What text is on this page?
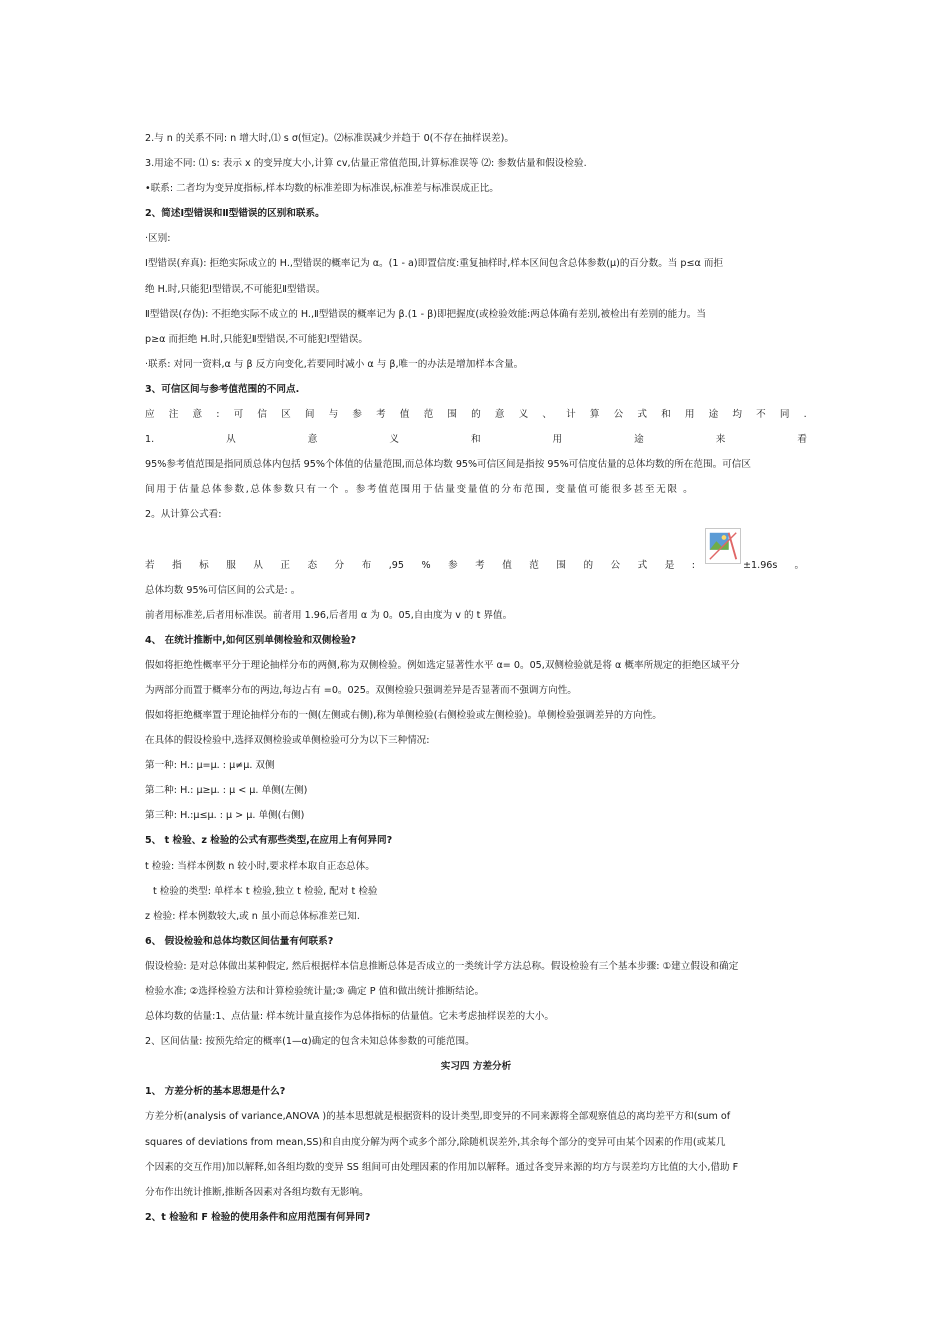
2.与 n 的关系不同: n 增大时,⑴ s σ(恒定)。⑵标准误减少并趋于 0(不存在抽样误差)。
3.用途不同: ⑴ s: 表示 x 的变异度大小,计算 cv,估量正常值范围,计算标准误等 ⑵: 参数估量和假设检验.
•联系: 二者均为变异度指标,样本均数的标准差即为标准误,标准差与标准误成正比。
2、简述Ⅰ型错误和Ⅱ型错误的区别和联系。
·区别:
Ⅰ型错误(弃真): 拒绝实际成立的 H.,型错误的概率记为 α。(1 - a)即置信度:重复抽样时,样本区间包含总体参数(μ)的百分数。当 p≤α 而拒
绝 H.时,只能犯Ⅰ型错误,不可能犯Ⅱ型错误。
Ⅱ型错误(存伪): 不拒绝实际不成立的 H.,Ⅱ型错误的概率记为 β.(1 - β)即把握度(或检验效能:两总体确有差别,被检出有差别的能力。当
p≥α 而拒绝 H.时,只能犯Ⅱ型错误,不可能犯Ⅰ型错误。
·联系: 对同一资料,α 与 β 反方向变化,若要同时减小 α 与 β,唯一的办法是增加样本含量。
3、可信区间与参考值范围的不同点.
应 注 意 : 可 信 区 间 与 参 考 值 范 围 的 意 义 、 计 算 公 式 和 用 途 均 不 同 .
1.	从	意	义	和	用	途	来	看
95%参考值范围是指同质总体内包括 95%个体值的估量范围,而总体均数 95%可信区间是指按 95%可信度估量的总体均数的所在范围。可信区
间用于估量总体参数,总体参数只有一个 。参考值范围用于估量变量值的分布范围, 变量值可能很多甚至无限 。
2。从计算公式看:
若 指 标 服 从 正 态 分 布 ,95 % 参 考 值 范 围 的 公 式 是 :	±1.96s 。
总体均数 95%可信区间的公式是: 。
前者用标准差,后者用标准误。前者用 1.96,后者用 α 为 0。05,自由度为 v 的 t 界值。
4、 在统计推断中,如何区别单侧检验和双侧检验?
假如将拒绝性概率平分于理论抽样分布的两侧,称为双侧检验。例如选定显著性水平 α= 0。05,双侧检验就是将 α 概率所规定的拒绝区域平分
为两部分而置于概率分布的两边,每边占有 =0。025。双侧检验只强调差异是否显著而不强调方向性。
假如将拒绝概率置于理论抽样分布的一侧(左侧或右侧),称为单侧检验(右侧检验或左侧检验)。单侧检验强调差异的方向性。
在具体的假设检验中,选择双侧检验或单侧检验可分为以下三种情况:
第一种: H.: μ=μ. : μ≠μ. 双侧
第二种: H.: μ≥μ. : μ < μ. 单侧(左侧)
第三种: H.:μ≤μ. : μ > μ. 单侧(右侧)
5、 t 检验、z 检验的公式有那些类型,在应用上有何异同?
t 检验: 当样本例数 n 较小时,要求样本取自正态总体。
t 检验的类型: 单样本 t 检验,独立 t 检验, 配对 t 检验
z 检验: 样本例数较大,或 n 虽小而总体标准差已知.
6、 假设检验和总体均数区间估量有何联系?
假设检验: 是对总体做出某种假定, 然后根据样本信息推断总体是否成立的一类统计学方法总称。假设检验有三个基本步骤: ①建立假设和确定
检验水准; ②选择检验方法和计算检验统计量;③ 确定 P 值和做出统计推断结论。
总体均数的估量:1、点估量: 样本统计量直接作为总体指标的估量值。它未考虑抽样误差的大小。
2、区间估量: 按预先给定的概率(1—α)确定的包含未知总体参数的可能范围。
实习四 方差分析
1、 方差分析的基本思想是什么?
方差分析(analysis of variance,ANOVA )的基本思想就是根据资料的设计类型,即变异的不同来源将全部观察值总的离均差平方和(sum of
squares of deviations from mean,SS)和自由度分解为两个或多个部分,除随机误差外,其余每个部分的变异可由某个因素的作用(或某几
个因素的交互作用)加以解释,如各组均数的变异 SS 组间可由处理因素的作用加以解释。通过各变异来源的均方与误差均方比值的大小,借助 F
分布作出统计推断,推断各因素对各组均数有无影响。
2、t 检验和 F 检验的使用条件和应用范围有何异同?
